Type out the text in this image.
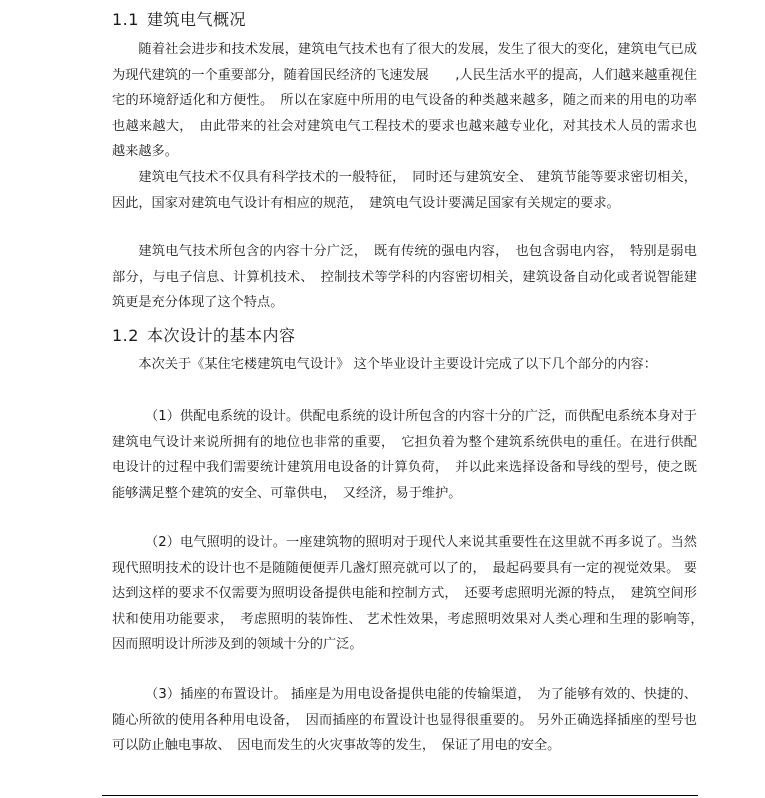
1.1 建筑电气概况

随着社会进步和技术发展，建筑电气技术也有了很大的发展，发生了很大的变化，建筑电气已成为现代建筑的一个重要部分，随着国民经济的飞速发展　　,人民生活水平的提高，人们越来越重视住宅的环境舒适化和方便性。　所以在家庭中所用的电气设备的种类越来越多，随之而来的用电的功率也越来越大，　由此带来的社会对建筑电气工程技术的要求也越来越专业化，对其技术人员的需求也越来越多。

建筑电气技术不仅具有科学技术的一般特征，　同时还与建筑安全、 建筑节能等要求密切相关，因此，国家对建筑电气设计有相应的规范，　建筑电气设计要满足国家有关规定的要求。

建筑电气技术所包含的内容十分广泛，　既有传统的强电内容，　也包含弱电内容，　特别是弱电部分，与电子信息、计算机技术、　控制技术等学科的内容密切相关，建筑设备自动化或者说智能建筑更是充分体现了这个特点。

1.2 本次设计的基本内容

本次关于《某住宅楼建筑电气设计》 这个毕业设计主要设计完成了以下几个部分的内容：

（1）供配电系统的设计。供配电系统的设计所包含的内容十分的广泛，而供配电系统本身对于建筑电气设计来说所拥有的地位也非常的重要，　它担负着为整个建筑系统供电的重任。在进行供配电设计的过程中我们需要统计建筑用电设备的计算负荷，　并以此来选择设备和导线的型号，使之既能够满足整个建筑的安全、可靠供电，　又经济，易于维护。

（2）电气照明的设计。一座建筑物的照明对于现代人来说其重要性在这里就不再多说了。当然现代照明技术的设计也不是随随便便弄几盏灯照亮就可以了的，　最起码要具有一定的视觉效果。 要达到这样的要求不仅需要为照明设备提供电能和控制方式，　还要考虑照明光源的特点，　建筑空间形状和使用功能要求，　考虑照明的装饰性、 艺术性效果，考虑照明效果对人类心理和生理的影响等，　因而照明设计所涉及到的领域十分的广泛。

（3）插座的布置设计。 插座是为用电设备提供电能的传输渠道，　为了能够有效的、快捷的、随心所欲的使用各种用电设备，　因而插座的布置设计也显得很重要的。 另外正确选择插座的型号也可以防止触电事故、　因电而发生的火灾事故等的发生，　保证了用电的安全。
